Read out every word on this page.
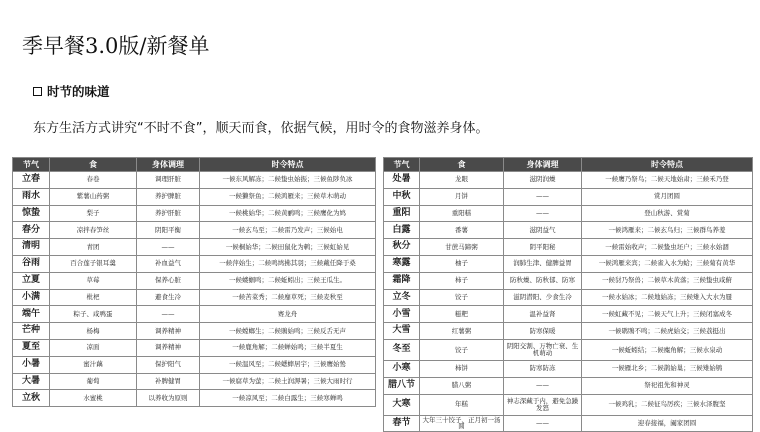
季早餐3.0版/新餐单
时节的味道
东方生活方式讲究“不时不食”，顺天而食，依据气候，用时令的食物滋养身体。
节气	食	身体调理	时令特点
立春	春卷	调理肝脏	一候东风解冻；二候蛰虫始振；三候鱼陟负冰
雨水	紫薯山药粥	养护脾脏	一候獭祭鱼；二候鸿雁来；三候草木萌动
惊蛰	梨子	养护肝脏	一候桃始华；二候黄鹂鸣；三候鹰化为鸠
春分	凉拌春笋丝	阴阳平衡	一候玄鸟至；二候雷乃发声；三候始电
清明	青团	——	一候桐始华；二候田鼠化为鹌；三候虹始见
谷雨	百合莲子银耳羹	补血益气	一候萍始生；二候鸣鸠拂其羽；三候戴任降于桑
立夏	草莓	保养心脏	一候蝼蝈鸣；二候蚯蚓出；三候王瓜生。
小满	枇杷	避食生冷	一候苦菜秀；二候靡草死；三候麦秋至
端午	粽子、咸鸭蛋	——	赛龙舟
芒种	杨梅	调养精神	一候螳螂生；二候鵙始鸣；三候反舌无声
夏至	凉面	调养精神	一候鹿角解；二候蝉始鸣；三候半夏生
小暑	蜜汁藕	保护阳气	一候温风至；二候蟋蟀居宇；三候鹰始鸷
大暑	葡萄	补脾健胃	一候腐草为萤；二候土润溽暑；三候大雨时行
立秋	水蜜桃	以养收为原则	一候凉风至；二候白露生；三候寒蝉鸣
节气	食	身体调理	时令特点
处暑	龙眼	滋阴润燥	一候鹰乃祭鸟；二候天地始肃；三候禾乃登
中秋	月饼	——	赏月团圆
重阳	重阳糕	——	登山秋游、赏菊
白露	番薯	滋阴益气	一候鸿雁来；二候玄鸟归；三候群鸟养羞
秋分	甘蔗马蹄粥	阴平阳秘	一候雷始收声；二候蛰虫坯户；三候水始涸
寒露	柚子	润肺生津、健脾益胃	一候鸿雁来宾；二候雀入水为蛤；三候菊有黄华
霜降	柿子	防秋燥、防秋郁、防寒	一候豺乃祭兽；二候草木黄落；三候蛰虫咸俯
立冬	饺子	滋阴潜阳、少食生冷	一候水始冰；二候地始冻；三候雉入大水为蜃
小雪	糍粑	温补益肾	一候虹藏不见；二候天气上升；三候闭塞成冬
大雪	红薯粥	防寒保暖	一候鹖鴠不鸣；二候虎始交；三候荔挺出
冬至	饺子	阴阳交割、万物亡衰、生机萌动	一候蚯蚓结；二候麋角解；三候水泉动
小寒	柿饼	防寒防冻	一候雁北乡；二候鹊始巢；三候雉始鸲
腊八节	腊八粥	——	祭祀祖先和神灵
大寒	年糕	神志深藏于内，避免急躁发怒	一候鸡乳；二候征鸟厉疾；三候水泽腹坚
春节	大年三十饺子、正月初一汤圆	——	迎春接福，阖家团圆
